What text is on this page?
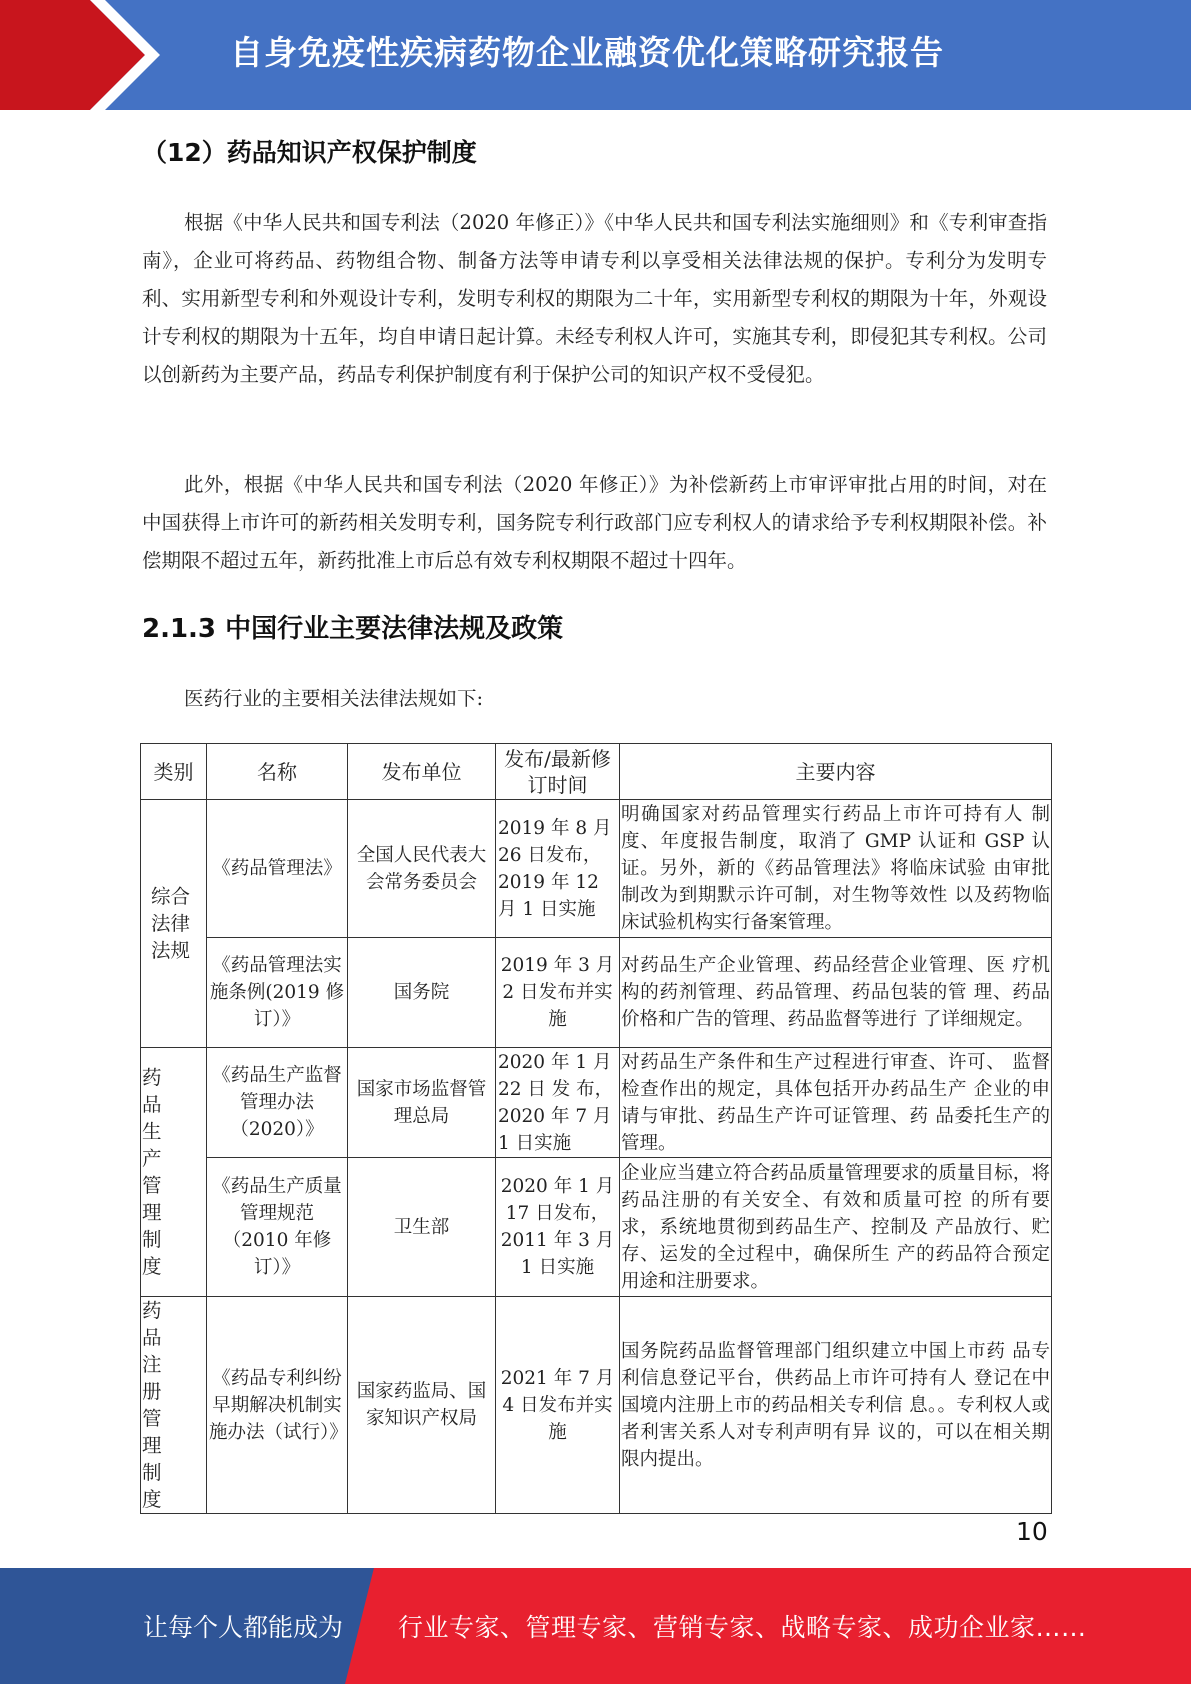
自身免疫性疾病药物企业融资优化策略研究报告
（12）药品知识产权保护制度

根据《中华人民共和国专利法（2020 年修正）》《中华人民共和国专利法实施细则》和《专利审查指南》，企业可将药品、药物组合物、制备方法等申请专利以享受相关法律法规的保护。专利分为发明专利、实用新型专利和外观设计专利，发明专利权的期限为二十年，实用新型专利权的期限为十年，外观设计专利权的期限为十五年，均自申请日起计算。未经专利权人许可，实施其专利，即侵犯其专利权。公司以创新药为主要产品，药品专利保护制度有利于保护公司的知识产权不受侵犯。

此外，根据《中华人民共和国专利法（2020 年修正）》为补偿新药上市审评审批占用的时间，对在中国获得上市许可的新药相关发明专利，国务院专利行政部门应专利权人的请求给予专利权期限补偿。补偿期限不超过五年，新药批准上市后总有效专利权期限不超过十四年。

2.1.3 中国行业主要法律法规及政策

医药行业的主要相关法律法规如下:

类别	名称	发布单位	发布/最新修订时间	主要内容
综合法律法规	《药品管理法》	全国人民代表大会常务委员会	2019 年 8 月 26 日发布，2019 年 12 月 1 日实施	明确国家对药品管理实行药品上市许可持有人 制度、年度报告制度，取消了 GMP 认证和 GSP 认证。另外，新的《药品管理法》将临床试验 由审批制改为到期默示许可制，对生物等效性 以及药物临床试验机构实行备案管理。
	《药品管理法实施条例(2019 修订）》	国务院	2019 年 3 月 2 日发布并实施	对药品生产企业管理、药品经营企业管理、医 疗机构的药剂管理、药品管理、药品包装的管 理、药品价格和广告的管理、药品监督等进行 了详细规定。
药品生产管理制度	《药品生产监督管理办法（2020）》	国家市场监督管理总局	2020 年 1 月 22 日 发 布，2020 年 7 月 1 日实施	对药品生产条件和生产过程进行审查、许可、 监督检查作出的规定，具体包括开办药品生产 企业的申请与审批、药品生产许可证管理、药 品委托生产的管理。
	《药品生产质量管理规范（2010 年修订）》	卫生部	2020 年 1 月 17 日发布，2011 年 3 月 1 日实施	企业应当建立符合药品质量管理要求的质量目标，将药品注册的有关安全、有效和质量可控 的所有要求，系统地贯彻到药品生产、控制及 产品放行、贮存、运发的全过程中，确保所生 产的药品符合预定用途和注册要求。
药品注册管理制度	《药品专利纠纷早期解决机制实施办法（试行）》	国家药监局、国家知识产权局	2021 年 7 月 4 日发布并实施	国务院药品监督管理部门组织建立中国上市药 品专利信息登记平台，供药品上市许可持有人 登记在中国境内注册上市的药品相关专利信 息。。专利权人或者利害关系人对专利声明有异 议的，可以在相关期限内提出。
10
让每个人都能成为 行业专家、管理专家、营销专家、战略专家、成功企业家……
